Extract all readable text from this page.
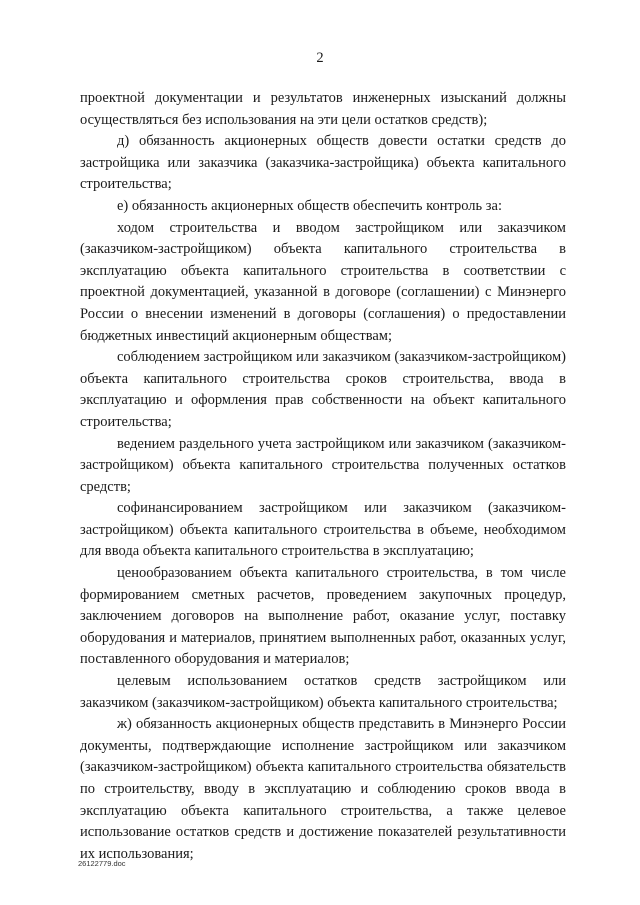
2

проектной документации и результатов инженерных изысканий должны осуществляться без использования на эти цели остатков средств);

д) обязанность акционерных обществ довести остатки средств до застройщика или заказчика (заказчика-застройщика) объекта капитального строительства;

е) обязанность акционерных обществ обеспечить контроль за:

ходом строительства и вводом застройщиком или заказчиком (заказчиком-застройщиком) объекта капитального строительства в эксплуатацию объекта капитального строительства в соответствии с проектной документацией, указанной в договоре (соглашении) с Минэнерго России о внесении изменений в договоры (соглашения) о предоставлении бюджетных инвестиций акционерным обществам;

соблюдением застройщиком или заказчиком (заказчиком-застройщиком) объекта капитального строительства сроков строительства, ввода в эксплуатацию и оформления прав собственности на объект капитального строительства;

ведением раздельного учета застройщиком или заказчиком (заказчиком-застройщиком) объекта капитального строительства полученных остатков средств;

софинансированием застройщиком или заказчиком (заказчиком-застройщиком) объекта капитального строительства в объеме, необходимом для ввода объекта капитального строительства в эксплуатацию;

ценообразованием объекта капитального строительства, в том числе формированием сметных расчетов, проведением закупочных процедур, заключением договоров на выполнение работ, оказание услуг, поставку оборудования и материалов, принятием выполненных работ, оказанных услуг, поставленного оборудования и материалов;

целевым использованием остатков средств застройщиком или заказчиком (заказчиком-застройщиком) объекта капитального строительства;

ж) обязанность акционерных обществ представить в Минэнерго России документы, подтверждающие исполнение застройщиком или заказчиком (заказчиком-застройщиком) объекта капитального строительства обязательств по строительству, вводу в эксплуатацию и соблюдению сроков ввода в эксплуатацию объекта капитального строительства, а также целевое использование остатков средств и достижение показателей результативности их использования;

26122779.doc
